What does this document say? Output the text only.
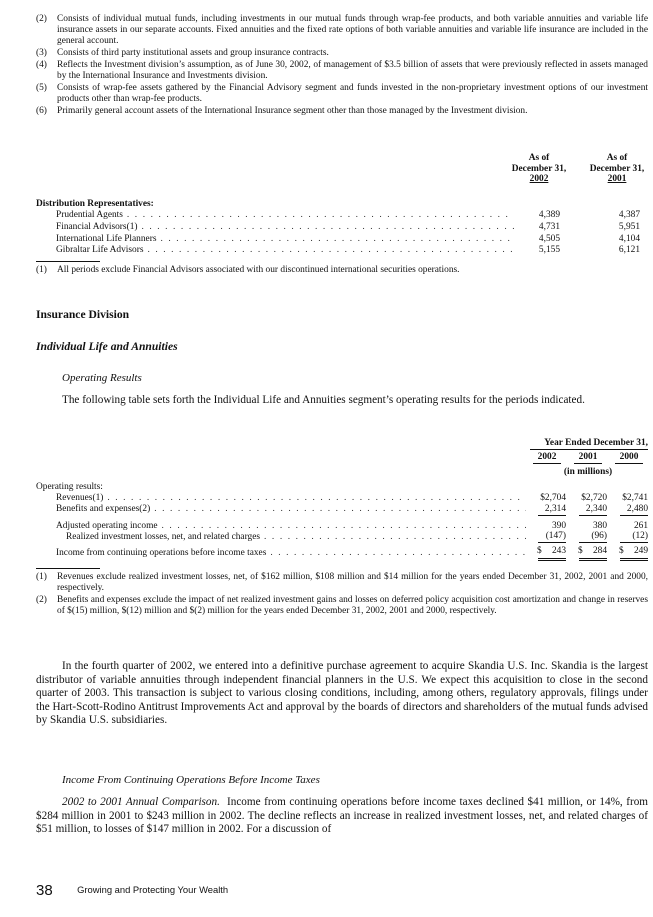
(2)	Consists of individual mutual funds, including investments in our mutual funds through wrap-fee products, and both variable annuities and variable life insurance assets in our separate accounts. Fixed annuities and the fixed rate options of both variable annuities and variable life insurance are included in the general account.
(3)	Consists of third party institutional assets and group insurance contracts.
(4)	Reflects the Investment division’s assumption, as of June 30, 2002, of management of $3.5 billion of assets that were previously reflected in assets managed by the International Insurance and Investments division.
(5)	Consists of wrap-fee assets gathered by the Financial Advisory segment and funds invested in the non-proprietary investment options of our investment products other than wrap-fee products.
(6)	Primarily general account assets of the International Insurance segment other than those managed by the Investment division.
As of
December 31,
2002
As of
December 31,
2001
Distribution Representatives:
Prudential Agents . . .	4,389	4,387
Financial Advisors(1) . . .	4,731	5,951
International Life Planners . . .	4,505	4,104
Gibraltar Life Advisors . . .	5,155	6,121
(1)	All periods exclude Financial Advisors associated with our discontinued international securities operations.
Insurance Division
Individual Life and Annuities
Operating Results
The following table sets forth the Individual Life and Annuities segment’s operating results for the periods indicated.
Year Ended December 31,
2002	2001	2000
(in millions)
Operating results:
Revenues(1) . . .	$2,704 $2,720 $2,741
Benefits and expenses(2) . . .	2,314	2,340	2,480
Adjusted operating income . . .	390	380	261
Realized investment losses, net, and related charges . . .	(147)	(96)	(12)
Income from continuing operations before income taxes . . .	$ 243	$ 284	$ 249
(1)	Revenues exclude realized investment losses, net, of $162 million, $108 million and $14 million for the years ended December 31, 2002, 2001 and 2000, respectively.
(2)	Benefits and expenses exclude the impact of net realized investment gains and losses on deferred policy acquisition cost amortization and change in reserves of $(15) million, $(12) million and $(2) million for the years ended December 31, 2002, 2001 and 2000, respectively.
In the fourth quarter of 2002, we entered into a definitive purchase agreement to acquire Skandia U.S. Inc. Skandia is the largest distributor of variable annuities through independent financial planners in the U.S. We expect this acquisition to close in the second quarter of 2003. This transaction is subject to various closing conditions, including, among others, regulatory approvals, filings under the Hart-Scott-Rodino Antitrust Improvements Act and approval by the boards of directors and shareholders of the mutual funds advised by Skandia U.S. subsidiaries.
Income From Continuing Operations Before Income Taxes
2002 to 2001 Annual Comparison. Income from continuing operations before income taxes declined $41 million, or 14%, from $284 million in 2001 to $243 million in 2002. The decline reflects an increase in realized investment losses, net, and related charges of $51 million, to losses of $147 million in 2002. For a discussion of
38	Growing and Protecting Your Wealth
